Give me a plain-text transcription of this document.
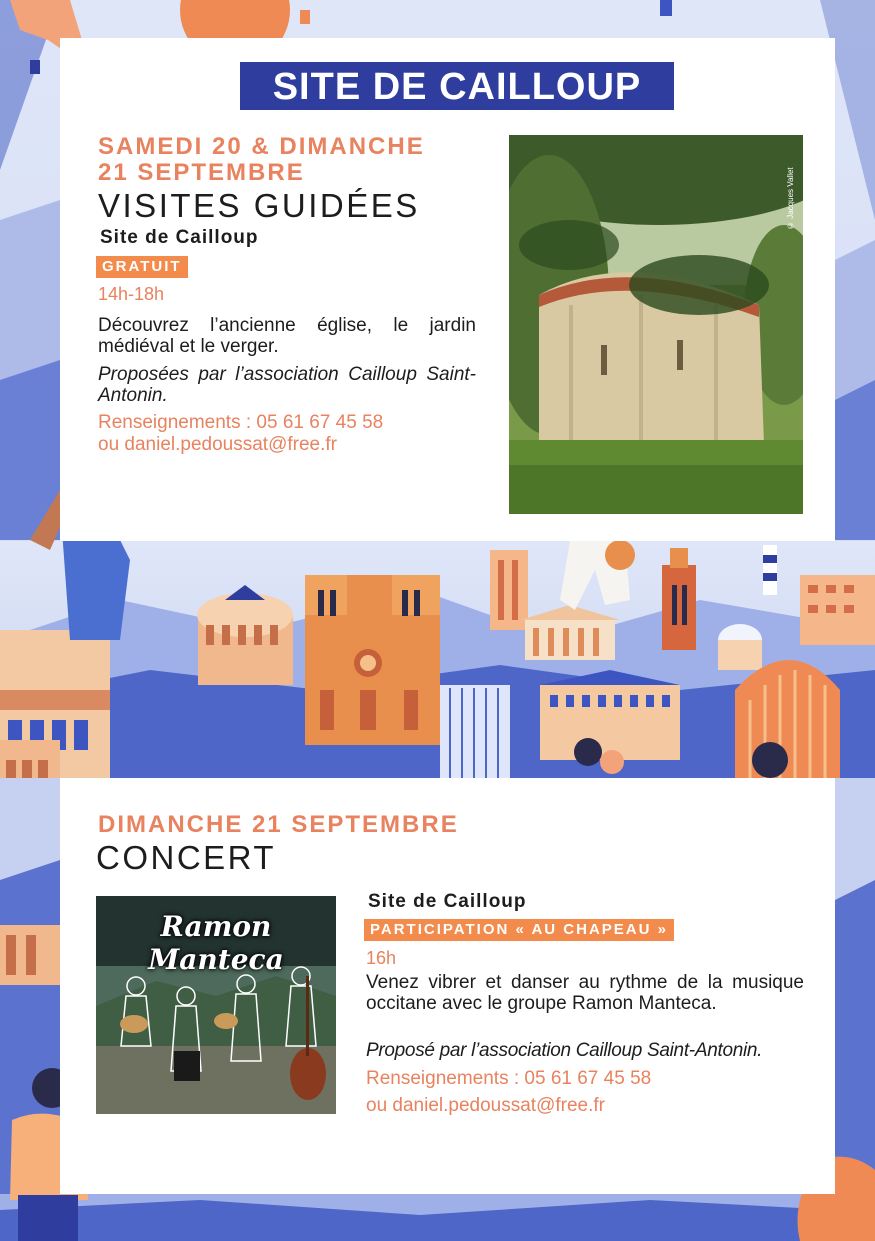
SITE DE CAILLOUP
SAMEDI 20 & DIMANCHE
21 SEPTEMBRE
VISITES GUIDÉES
Site de Cailloup
GRATUIT
14h-18h
Découvrez l’ancienne église, le jardin médiéval et le verger.
Proposées par l’association Cailloup Saint-Antonin.
Renseignements : 05 61 67 45 58
ou daniel.pedoussat@free.fr
© Jacques Vallet
DIMANCHE 21 SEPTEMBRE
CONCERT
Ramon Manteca
Site de Cailloup
PARTICIPATION « AU CHAPEAU »
16h
Venez vibrer et danser au rythme de la musique occitane avec le groupe Ramon Manteca.
Proposé par l’association Cailloup Saint-Antonin.
Renseignements : 05 61 67 45 58
ou daniel.pedoussat@free.fr
